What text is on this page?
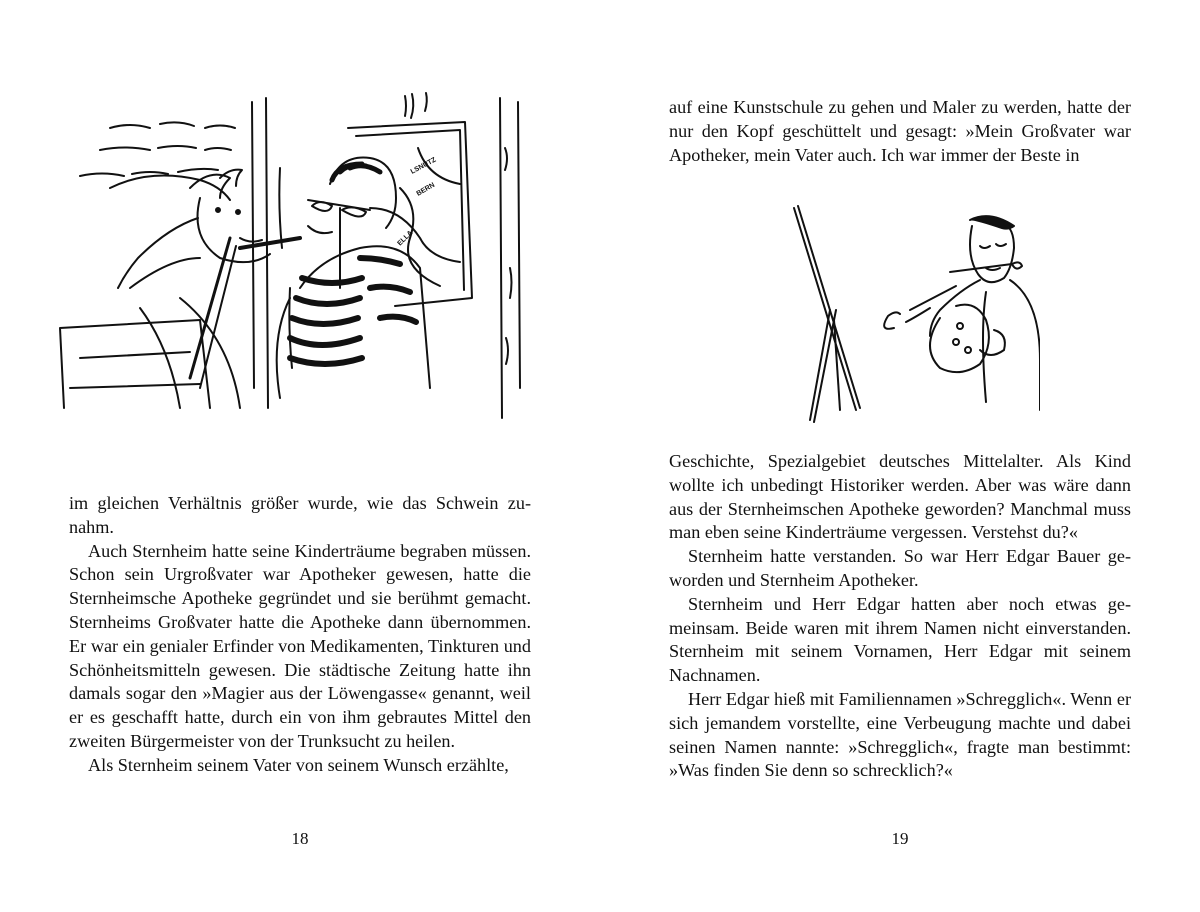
LSNUTZ
BERN
ELLA

im gleichen Verhältnis größer wurde, wie das Schwein zunahm.

Auch Sternheim hatte seine Kinderträume begraben müssen. Schon sein Urgroßvater war Apotheker gewesen, hatte die Sternheimsche Apotheke gegründet und sie berühmt gemacht. Sternheims Großvater hatte die Apotheke dann übernommen. Er war ein genialer Erfinder von Medikamenten, Tinkturen und Schönheitsmitteln gewesen. Die städtische Zeitung hatte ihn damals sogar den »Magier aus der Löwengasse« genannt, weil er es geschafft hatte, durch ein von ihm gebrautes Mittel den zweiten Bürgermeister von der Trunksucht zu heilen.

Als Sternheim seinem Vater von seinem Wunsch erzählte,

18

auf eine Kunstschule zu gehen und Maler zu werden, hatte der nur den Kopf geschüttelt und gesagt: »Mein Großvater war Apotheker, mein Vater auch. Ich war immer der Beste in

Geschichte, Spezialgebiet deutsches Mittelalter. Als Kind wollte ich unbedingt Historiker werden. Aber was wäre dann aus der Sternheimschen Apotheke geworden? Manchmal muss man eben seine Kinderträume vergessen. Verstehst du?«

Sternheim hatte verstanden. So war Herr Edgar Bauer geworden und Sternheim Apotheker.

Sternheim und Herr Edgar hatten aber noch etwas gemeinsam. Beide waren mit ihrem Namen nicht einverstanden. Sternheim mit seinem Vornamen, Herr Edgar mit seinem Nachnamen.

Herr Edgar hieß mit Familiennamen »Schregglich«. Wenn er sich jemandem vorstellte, eine Verbeugung machte und dabei seinen Namen nannte: »Schregglich«, fragte man bestimmt: »Was finden Sie denn so schrecklich?«

19
